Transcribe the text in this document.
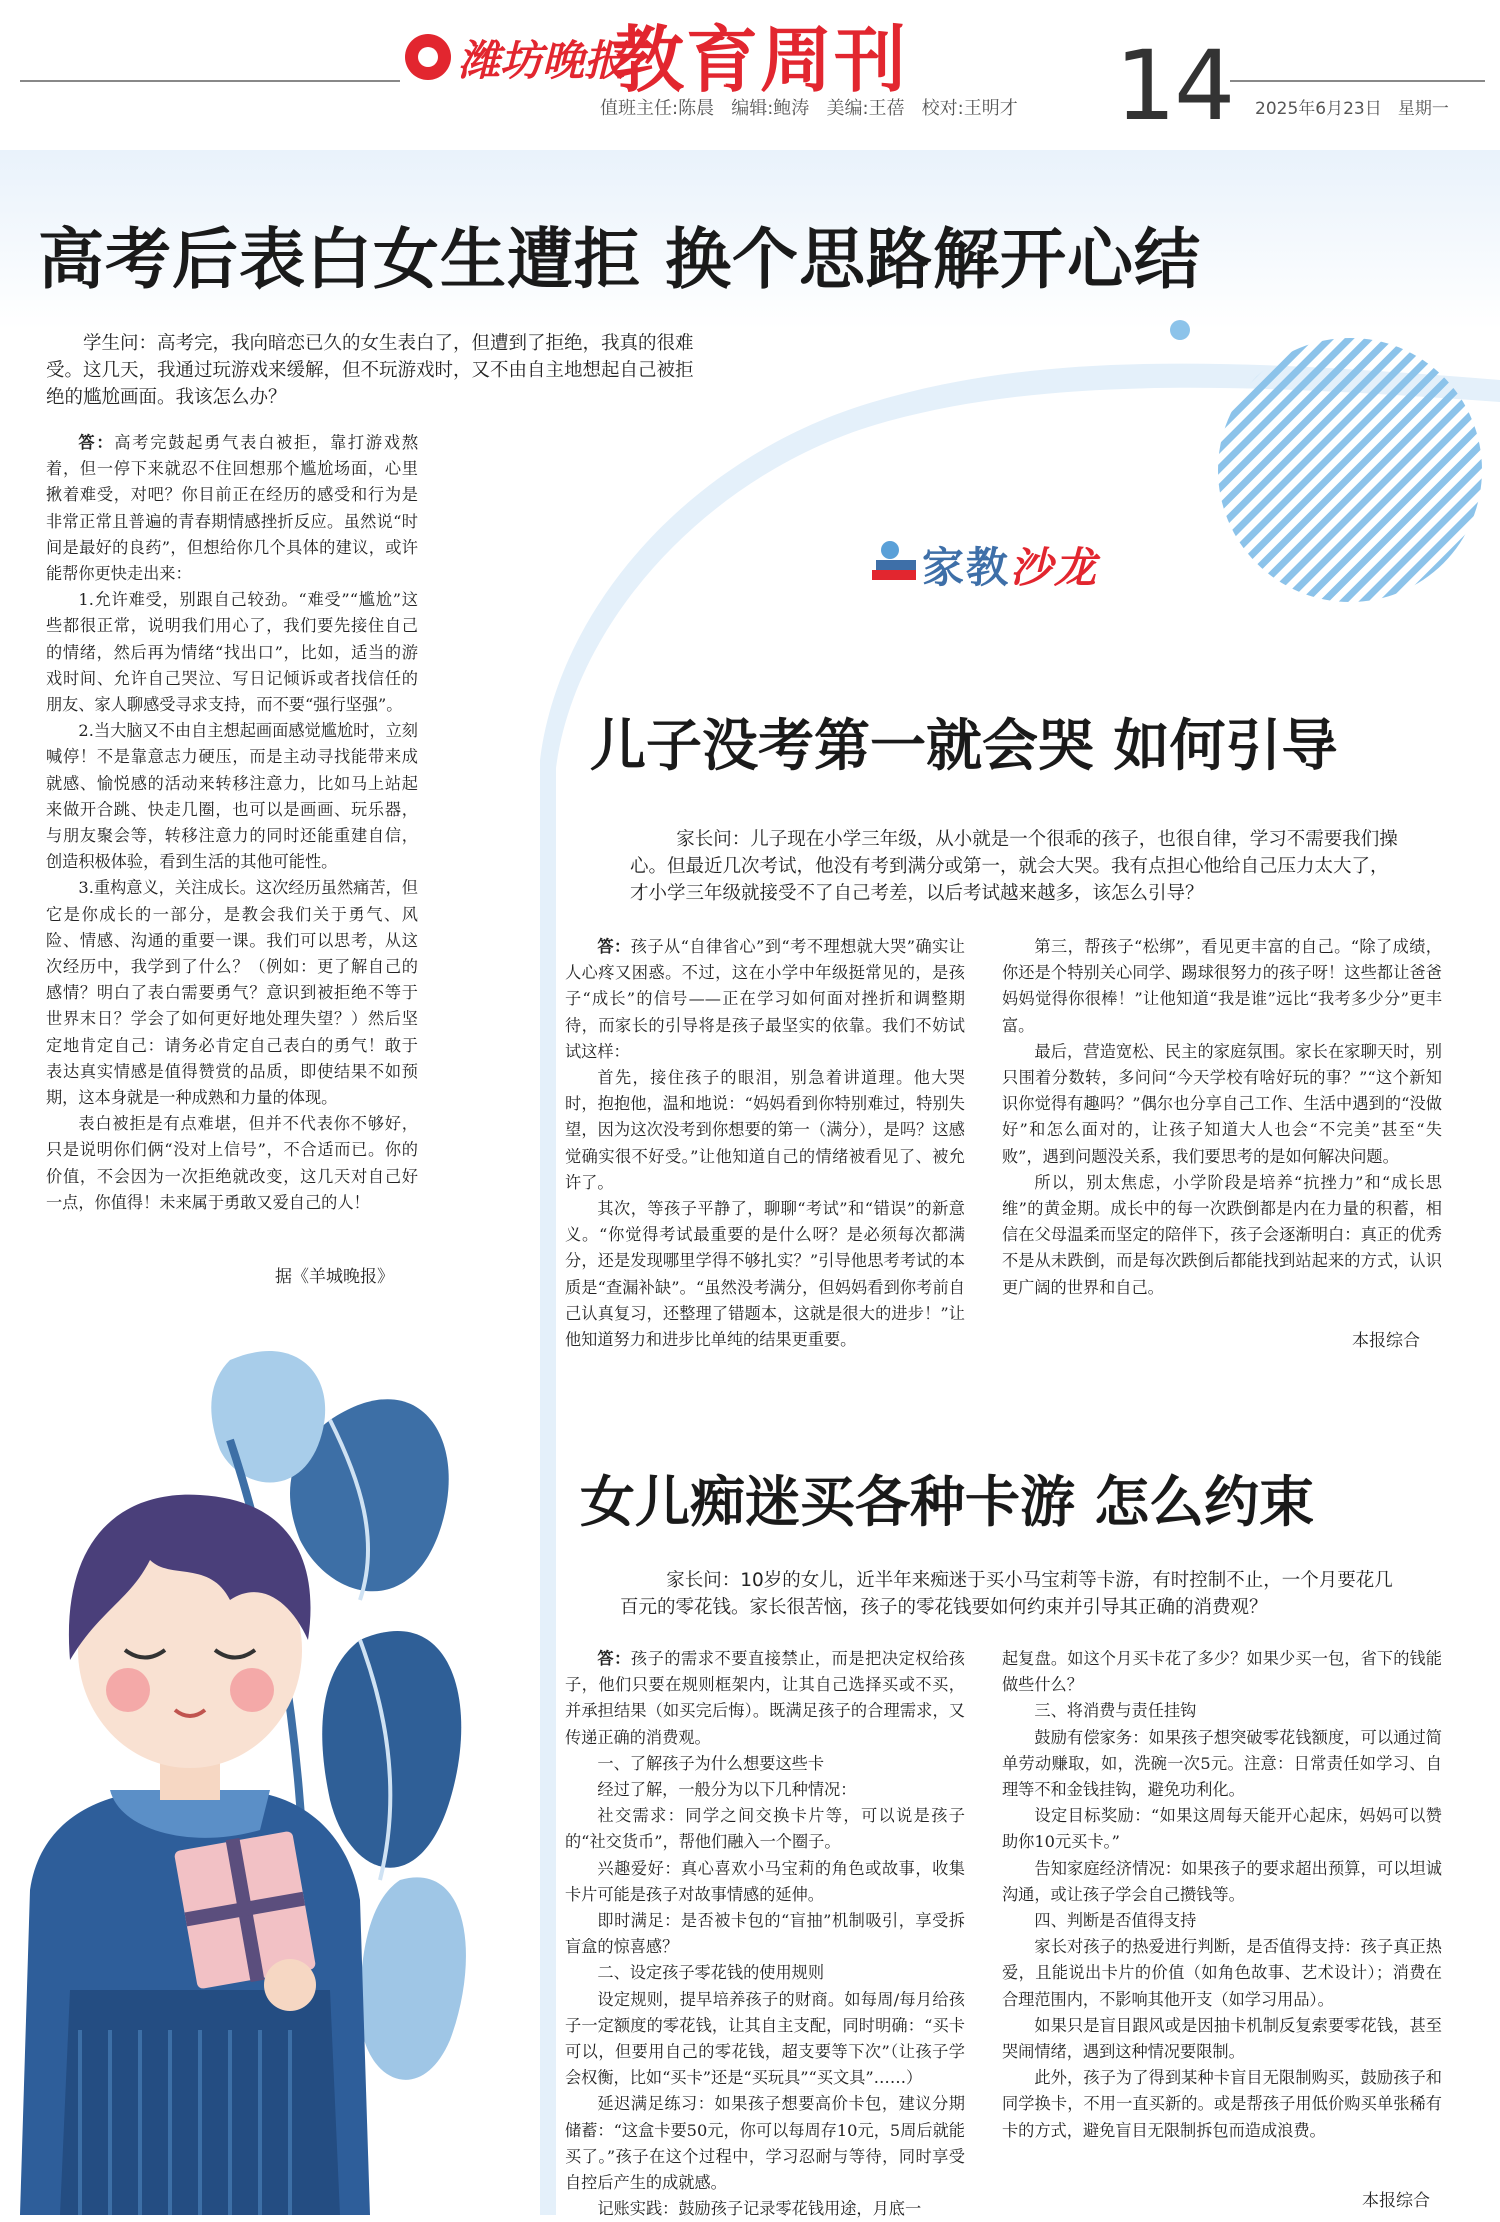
潍坊晚报
教育周刊 14
值班主任:陈晨   编辑:鲍涛   美编:王蓓   校对:王明才	2025年6月23日   星期一
高考后表白女生遭拒 换个思路解开心结
学生问：高考完，我向暗恋已久的女生表白了，但遭到了拒绝，我真的很难受。这几天，我通过玩游戏来缓解，但不玩游戏时，又不由自主地想起自己被拒绝的尴尬画面。我该怎么办？

答：高考完鼓起勇气表白被拒，靠打游戏熬着，但一停下来就忍不住回想那个尴尬场面，心里揪着难受，对吧？你目前正在经历的感受和行为是非常正常且普遍的青春期情感挫折反应。虽然说“时间是最好的良药”，但想给你几个具体的建议，或许能帮你更快走出来：

1.允许难受，别跟自己较劲。“难受”“尴尬”这些都很正常，说明我们用心了，我们要先接住自己的情绪，然后再为情绪“找出口”，比如，适当的游戏时间、允许自己哭泣、写日记倾诉或者找信任的朋友、家人聊感受寻求支持，而不要“强行坚强”。

2.当大脑又不由自主想起画面感觉尴尬时，立刻喊停！不是靠意志力硬压，而是主动寻找能带来成就感、愉悦感的活动来转移注意力，比如马上站起来做开合跳、快走几圈，也可以是画画、玩乐器，与朋友聚会等，转移注意力的同时还能重建自信，创造积极体验，看到生活的其他可能性。

3.重构意义，关注成长。这次经历虽然痛苦，但它是你成长的一部分，是教会我们关于勇气、风险、情感、沟通的重要一课。我们可以思考，从这次经历中，我学到了什么？（例如：更了解自己的感情？明白了表白需要勇气？意识到被拒绝不等于世界末日？学会了如何更好地处理失望？）然后坚定地肯定自己：请务必肯定自己表白的勇气！敢于表达真实情感是值得赞赏的品质，即使结果不如预期，这本身就是一种成熟和力量的体现。

表白被拒是有点难堪，但并不代表你不够好，只是说明你们俩“没对上信号”，不合适而已。你的价值，不会因为一次拒绝就改变，这几天对自己好一点，你值得！未来属于勇敢又爱自己的人！

据《羊城晚报》
家教沙龙
儿子没考第一就会哭 如何引导
家长问：儿子现在小学三年级，从小就是一个很乖的孩子，也很自律，学习不需要我们操心。但最近几次考试，他没有考到满分或第一，就会大哭。我有点担心他给自己压力太大了，才小学三年级就接受不了自己考差，以后考试越来越多，该怎么引导？

答：孩子从“自律省心”到“考不理想就大哭”确实让人心疼又困惑。不过，这在小学中年级挺常见的，是孩子“成长”的信号——正在学习如何面对挫折和调整期待，而家长的引导将是孩子最坚实的依靠。我们不妨试试这样：

首先，接住孩子的眼泪，别急着讲道理。他大哭时，抱抱他，温和地说：“妈妈看到你特别难过，特别失望，因为这次没考到你想要的第一（满分），是吗？这感觉确实很不好受。”让他知道自己的情绪被看见了、被允许了。

其次，等孩子平静了，聊聊“考试”和“错误”的新意义。“你觉得考试最重要的是什么呀？是必须每次都满分，还是发现哪里学得不够扎实？”引导他思考考试的本质是“查漏补缺”。“虽然没考满分，但妈妈看到你考前自己认真复习，还整理了错题本，这就是很大的进步！”让他知道努力和进步比单纯的结果更重要。

第三，帮孩子“松绑”，看见更丰富的自己。“除了成绩，你还是个特别关心同学、踢球很努力的孩子呀！这些都让爸爸妈妈觉得你很棒！”让他知道“我是谁”远比“我考多少分”更丰富。

最后，营造宽松、民主的家庭氛围。家长在家聊天时，别只围着分数转，多问问“今天学校有啥好玩的事？”“这个新知识你觉得有趣吗？”偶尔也分享自己工作、生活中遇到的“没做好”和怎么面对的，让孩子知道大人也会“不完美”甚至“失败”，遇到问题没关系，我们要思考的是如何解决问题。

所以，别太焦虑，小学阶段是培养“抗挫力”和“成长思维”的黄金期。成长中的每一次跌倒都是内在力量的积蓄，相信在父母温柔而坚定的陪伴下，孩子会逐渐明白：真正的优秀不是从未跌倒，而是每次跌倒后都能找到站起来的方式，认识更广阔的世界和自己。

本报综合
女儿痴迷买各种卡游 怎么约束
家长问：10岁的女儿，近半年来痴迷于买小马宝莉等卡游，有时控制不止，一个月要花几百元的零花钱。家长很苦恼，孩子的零花钱要如何约束并引导其正确的消费观？

答：孩子的需求不要直接禁止，而是把决定权给孩子，他们只要在规则框架内，让其自己选择买或不买，并承担结果（如买完后悔）。既满足孩子的合理需求，又传递正确的消费观。

一、了解孩子为什么想要这些卡

经过了解，一般分为以下几种情况：

社交需求：同学之间交换卡片等，可以说是孩子的“社交货币”，帮他们融入一个圈子。

兴趣爱好：真心喜欢小马宝莉的角色或故事，收集卡片可能是孩子对故事情感的延伸。

即时满足：是否被卡包的“盲抽”机制吸引，享受拆盲盒的惊喜感？

二、设定孩子零花钱的使用规则

设定规则，提早培养孩子的财商。如每周/每月给孩子一定额度的零花钱，让其自主支配，同时明确：“买卡可以，但要用自己的零花钱，超支要等下次”（让孩子学会权衡，比如“买卡”还是“买玩具”“买文具”……）

延迟满足练习：如果孩子想要高价卡包，建议分期储蓄：“这盒卡要50元，你可以每周存10元，5周后就能买了。”孩子在这个过程中，学习忍耐与等待，同时享受自控后产生的成就感。

记账实践：鼓励孩子记录零花钱用途，月底一

起复盘。如这个月买卡花了多少？如果少买一包，省下的钱能做些什么？

三、将消费与责任挂钩

鼓励有偿家务：如果孩子想突破零花钱额度，可以通过简单劳动赚取，如，洗碗一次5元。注意：日常责任如学习、自理等不和金钱挂钩，避免功利化。

设定目标奖励：“如果这周每天能开心起床，妈妈可以赞助你10元买卡。”

告知家庭经济情况：如果孩子的要求超出预算，可以坦诚沟通，或让孩子学会自己攒钱等。

四、判断是否值得支持

家长对孩子的热爱进行判断，是否值得支持：孩子真正热爱，且能说出卡片的价值（如角色故事、艺术设计）；消费在合理范围内，不影响其他开支（如学习用品）。

如果只是盲目跟风或是因抽卡机制反复索要零花钱，甚至哭闹情绪，遇到这种情况要限制。

此外，孩子为了得到某种卡盲目无限制购买，鼓励孩子和同学换卡，不用一直买新的。或是帮孩子用低价购买单张稀有卡的方式，避免盲目无限制拆包而造成浪费。

本报综合
